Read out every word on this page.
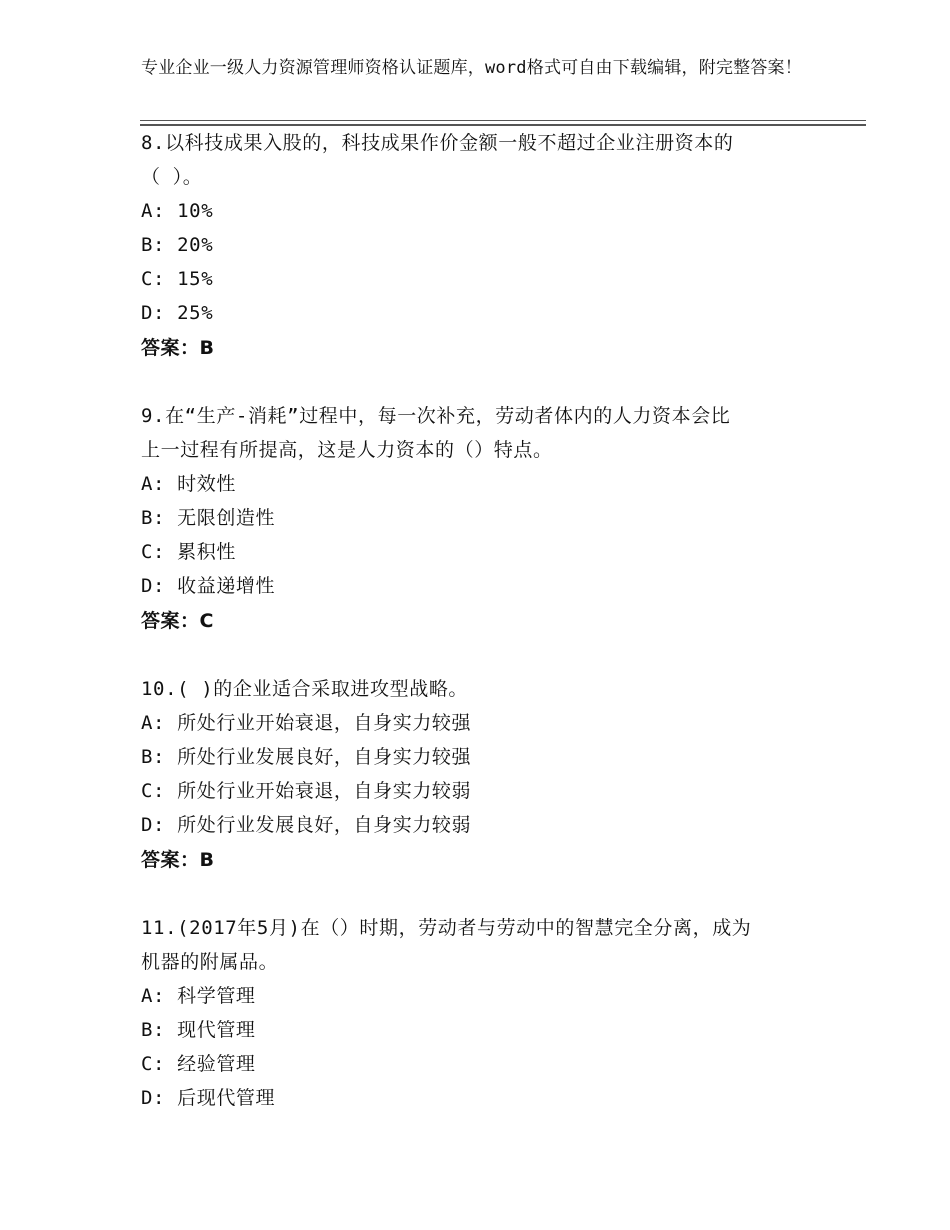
专业企业一级人力资源管理师资格认证题库，word格式可自由下载编辑，附完整答案！
8.以科技成果入股的，科技成果作价金额一般不超过企业注册资本的
（ ）。
A: 10%
B: 20%
C: 15%
D: 25%
答案：B
9.在“生产-消耗”过程中，每一次补充，劳动者体内的人力资本会比
上一过程有所提高，这是人力资本的（）特点。
A: 时效性
B: 无限创造性
C: 累积性
D: 收益递增性
答案：C
10.( )的企业适合采取进攻型战略。
A: 所处行业开始衰退，自身实力较强
B: 所处行业发展良好，自身实力较强
C: 所处行业开始衰退，自身实力较弱
D: 所处行业发展良好，自身实力较弱
答案：B
11.(2017年5月)在（）时期，劳动者与劳动中的智慧完全分离，成为
机器的附属品。
A: 科学管理
B: 现代管理
C: 经验管理
D: 后现代管理
